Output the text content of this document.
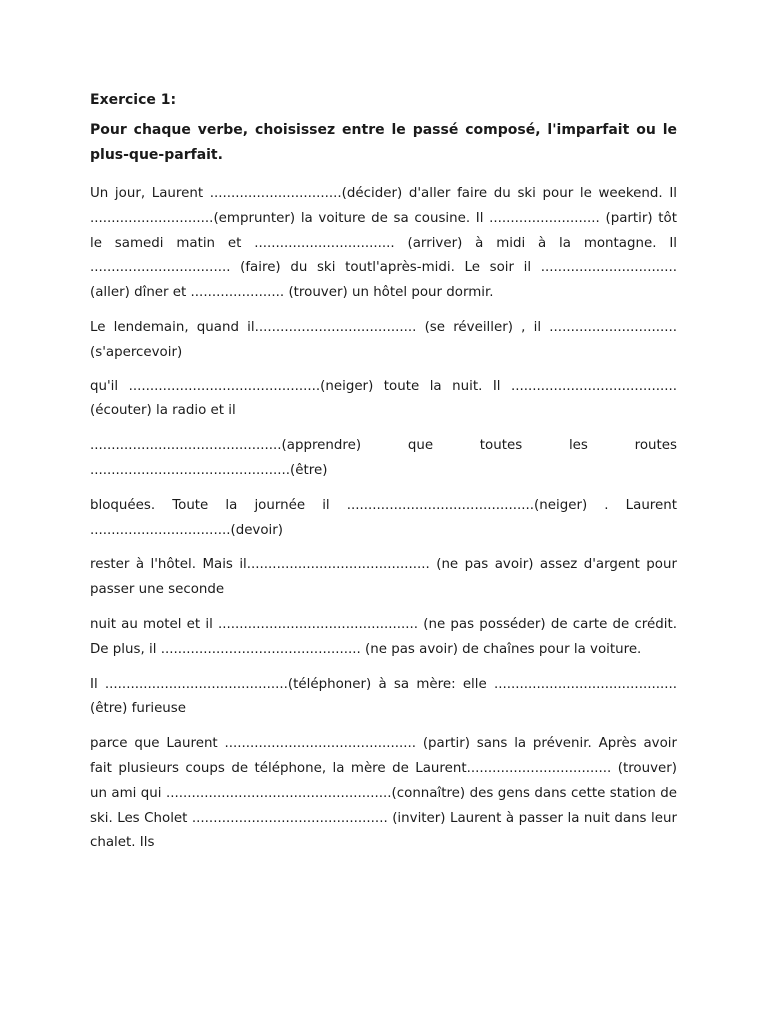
Exercice 1:
Pour chaque verbe, choisissez entre le passé composé, l'imparfait ou le plus-que-parfait.

Un jour, Laurent ...............................(décider) d'aller faire du ski pour le weekend. Il .............................(emprunter) la voiture de sa cousine. Il .......................... (partir) tôt le samedi matin et ................................. (arriver) à midi à la montagne. Il ................................. (faire) du ski toutl'après-midi. Le soir il ................................ (aller) dîner et ...................... (trouver) un hôtel pour dormir.

Le lendemain, quand il...................................... (se réveiller) , il ..............................(s'apercevoir)

qu'il .............................................(neiger) toute la nuit. Il ....................................... (écouter) la radio et il

.............................................(apprendre) que toutes les routes ...............................................(être)

bloquées. Toute la journée il ............................................(neiger) . Laurent .................................(devoir)

rester à l'hôtel. Mais il........................................... (ne pas avoir) assez d'argent pour passer une seconde

nuit au motel et il ............................................... (ne pas posséder) de carte de crédit. De plus, il ............................................... (ne pas avoir) de chaînes pour la voiture.

Il ...........................................(téléphoner) à sa mère: elle ...........................................(être) furieuse

parce que Laurent ............................................. (partir) sans la prévenir. Après avoir fait plusieurs coups de téléphone, la mère de Laurent.................................. (trouver) un ami qui .....................................................(connaître) des gens dans cette station de ski. Les Cholet .............................................. (inviter) Laurent à passer la nuit dans leur chalet. Ils
